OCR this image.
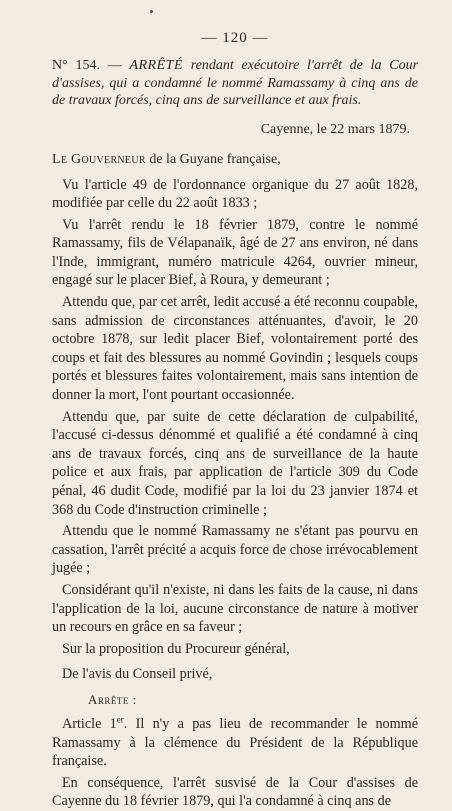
— 120 —

N° 154. — ARRÊTÉ rendant exécutoire l'arrêt de la Cour d'assises, qui a condamné le nommé Ramassamy à cinq ans de de travaux forcés, cinq ans de surveillance et aux frais.

Cayenne, le 22 mars 1879.
Le Gouverneur de la Guyane française,

Vu l'article 49 de l'ordonnance organique du 27 août 1828, modifiée par celle du 22 août 1833 ;

Vu l'arrêt rendu le 18 février 1879, contre le nommé Ramassamy, fils de Vélapanaïk, âgé de 27 ans environ, né dans l'Inde, immigrant, numéro matricule 4264, ouvrier mineur, engagé sur le placer Bief, à Roura, y demeurant ;

Attendu que, par cet arrêt, ledit accusé a été reconnu coupable, sans admission de circonstances atténuantes, d'avoir, le 20 octobre 1878, sur ledit placer Bief, volontairement porté des coups et fait des blessures au nommé Govindin ; lesquels coups portés et blessures faites volontairement, mais sans intention de donner la mort, l'ont pourtant occasionnée.

Attendu que, par suite de cette déclaration de culpabilité, l'accusé ci-dessus dénommé et qualifié a été condamné à cinq ans de travaux forcés, cinq ans de surveillance de la haute police et aux frais, par application de l'article 309 du Code pénal, 46 dudit Code, modifié par la loi du 23 janvier 1874 et 368 du Code d'instruction criminelle ;

Attendu que le nommé Ramassamy ne s'étant pas pourvu en cassation, l'arrêt précité a acquis force de chose irrévocablement jugée ;

Considérant qu'il n'existe, ni dans les faits de la cause, ni dans l'application de la loi, aucune circonstance de nature à motiver un recours en grâce en sa faveur ;

Sur la proposition du Procureur général,

De l'avis du Conseil privé,

Arrête :

Article 1er. Il n'y a pas lieu de recommander le nommé Ramassamy à la clémence du Président de la République française.

En conséquence, l'arrêt susvisé de la Cour d'assises de Cayenne du 18 février 1879, qui l'a condamné à cinq ans de
